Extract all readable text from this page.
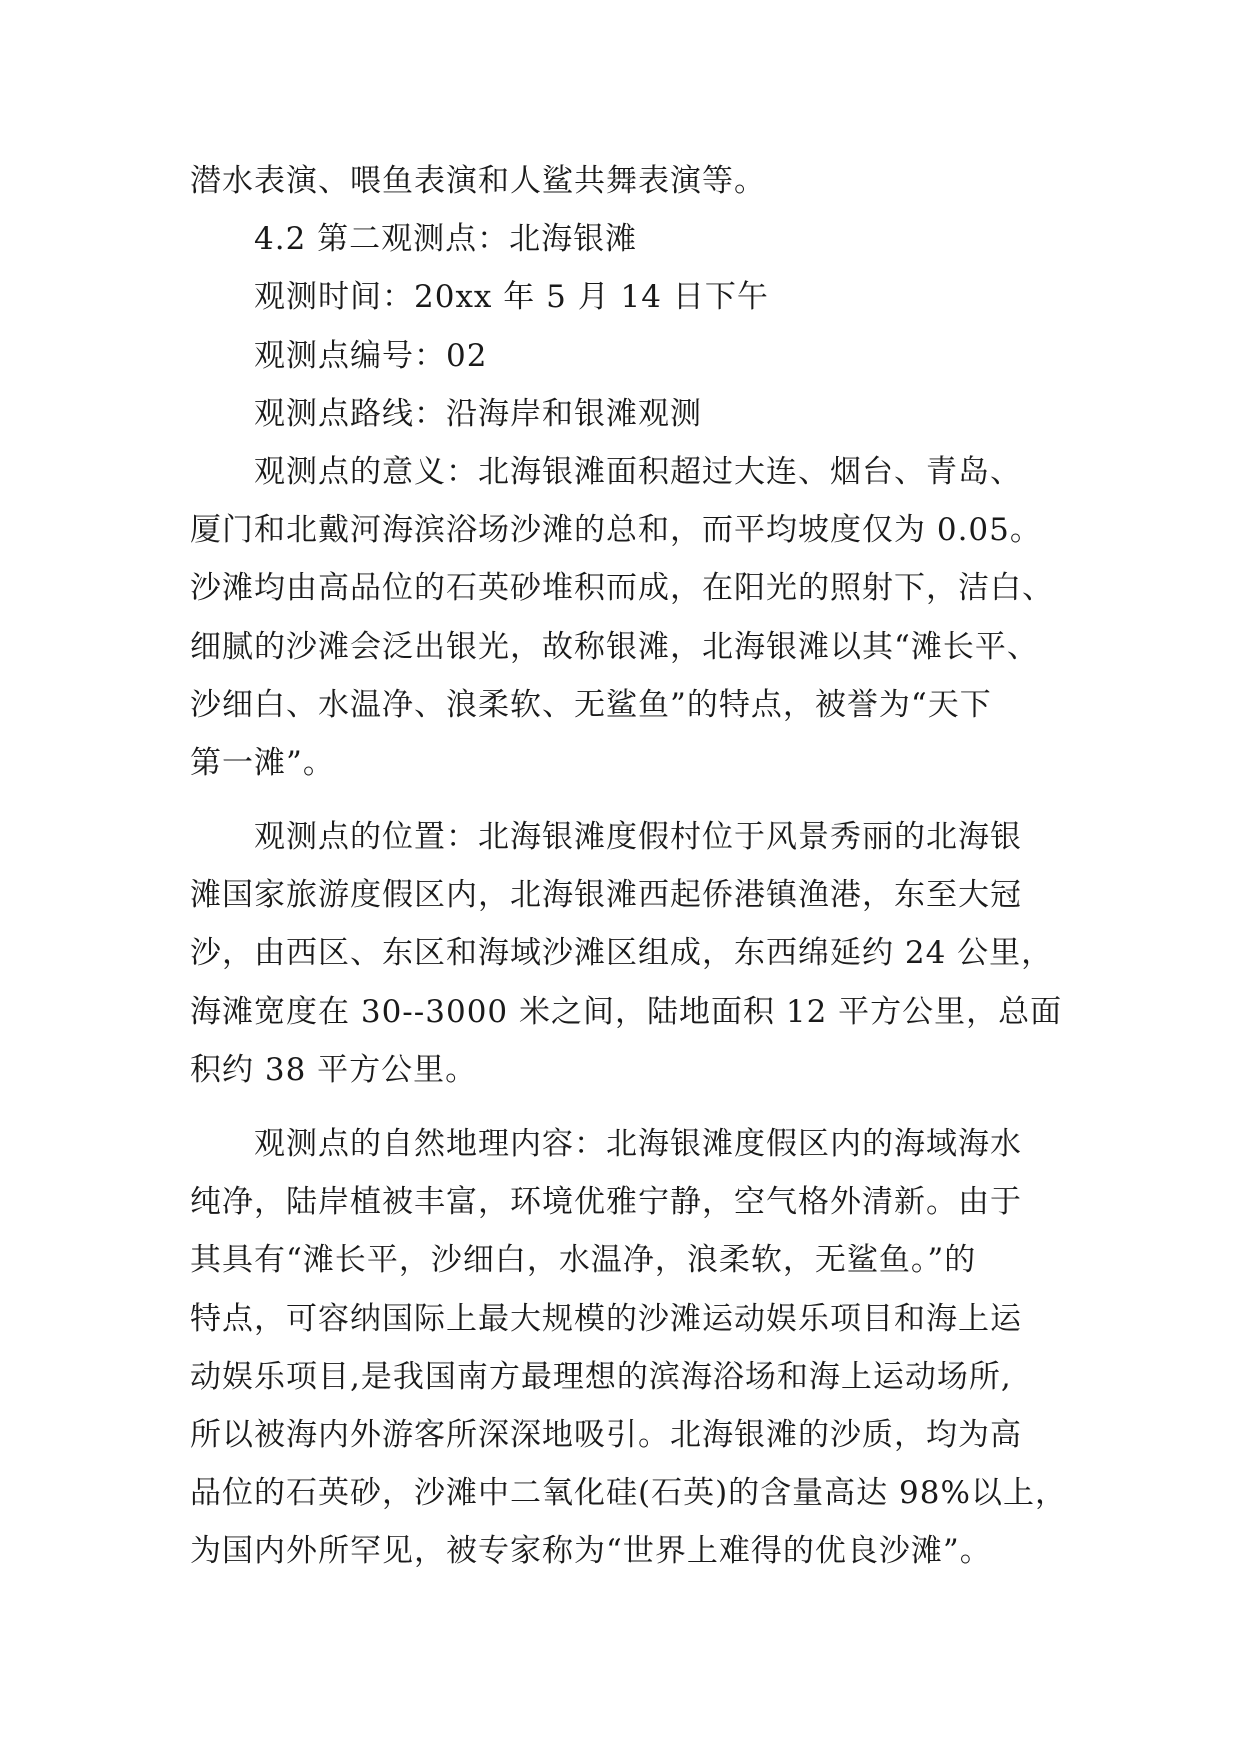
潜水表演、喂鱼表演和人鲨共舞表演等。
4.2 第二观测点：北海银滩
观测时间：20xx 年 5 月 14 日下午
观测点编号：02
观测点路线：沿海岸和银滩观测
观测点的意义：北海银滩面积超过大连、烟台、青岛、
厦门和北戴河海滨浴场沙滩的总和，而平均坡度仅为 0.05。
沙滩均由高品位的石英砂堆积而成，在阳光的照射下，洁白、
细腻的沙滩会泛出银光，故称银滩，北海银滩以其“滩长平、
沙细白、水温净、浪柔软、无鲨鱼”的特点，被誉为“天下
第一滩”。
观测点的位置：北海银滩度假村位于风景秀丽的北海银
滩国家旅游度假区内，北海银滩西起侨港镇渔港，东至大冠
沙，由西区、东区和海域沙滩区组成，东西绵延约 24 公里，
海滩宽度在 30--3000 米之间，陆地面积 12 平方公里，总面
积约 38 平方公里。
观测点的自然地理内容：北海银滩度假区内的海域海水
纯净，陆岸植被丰富，环境优雅宁静，空气格外清新。由于
其具有“滩长平，沙细白，水温净，浪柔软，无鲨鱼。”的
特点，可容纳国际上最大规模的沙滩运动娱乐项目和海上运
动娱乐项目,是我国南方最理想的滨海浴场和海上运动场所,
所以被海内外游客所深深地吸引。北海银滩的沙质，均为高
品位的石英砂，沙滩中二氧化硅(石英)的含量高达 98%以上，
为国内外所罕见，被专家称为“世界上难得的优良沙滩”。
